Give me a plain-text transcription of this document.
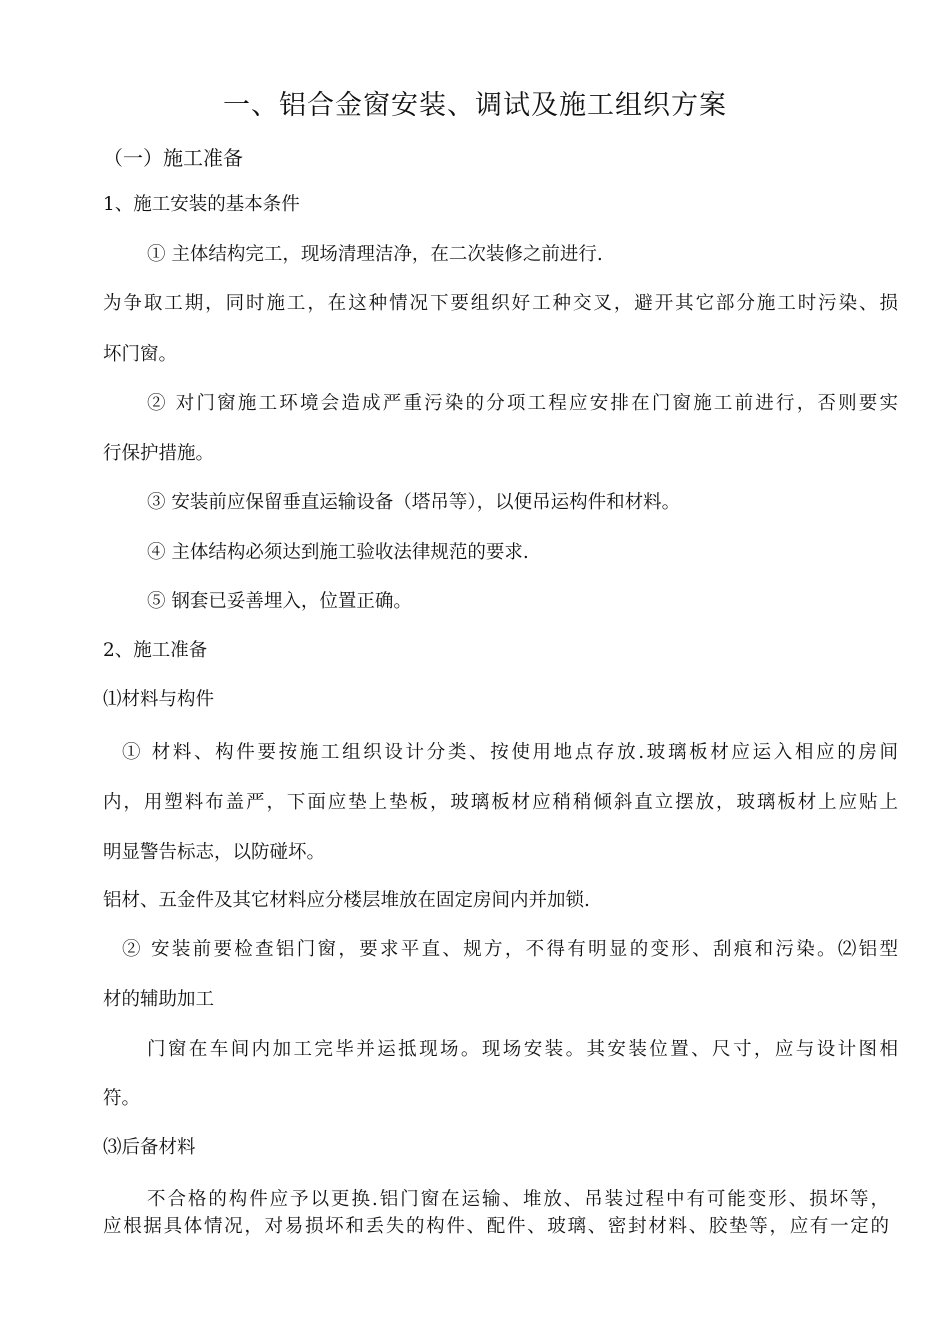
一、铝合金窗安装、调试及施工组织方案
（一）施工准备
1、施工安装的基本条件
① 主体结构完工，现场清理洁净，在二次装修之前进行.
为争取工期，同时施工，在这种情况下要组织好工种交叉，避开其它部分施工时污染、损
坏门窗。
② 对门窗施工环境会造成严重污染的分项工程应安排在门窗施工前进行，否则要实
行保护措施。
③ 安装前应保留垂直运输设备（塔吊等），以便吊运构件和材料。
④ 主体结构必须达到施工验收法律规范的要求.
⑤ 钢套已妥善埋入，位置正确。
2、施工准备
⑴材料与构件
① 材料、构件要按施工组织设计分类、按使用地点存放.玻璃板材应运入相应的房间
内，用塑料布盖严，下面应垫上垫板，玻璃板材应稍稍倾斜直立摆放，玻璃板材上应贴上
明显警告标志，以防碰坏。
铝材、五金件及其它材料应分楼层堆放在固定房间内并加锁.
② 安装前要检查铝门窗，要求平直、规方，不得有明显的变形、刮痕和污染。⑵铝型
材的辅助加工
门窗在车间内加工完毕并运抵现场。现场安装。其安装位置、尺寸，应与设计图相
符。
⑶后备材料
不合格的构件应予以更换.铝门窗在运输、堆放、吊装过程中有可能变形、损坏等，
应根据具体情况，对易损坏和丢失的构件、配件、玻璃、密封材料、胶垫等，应有一定的
